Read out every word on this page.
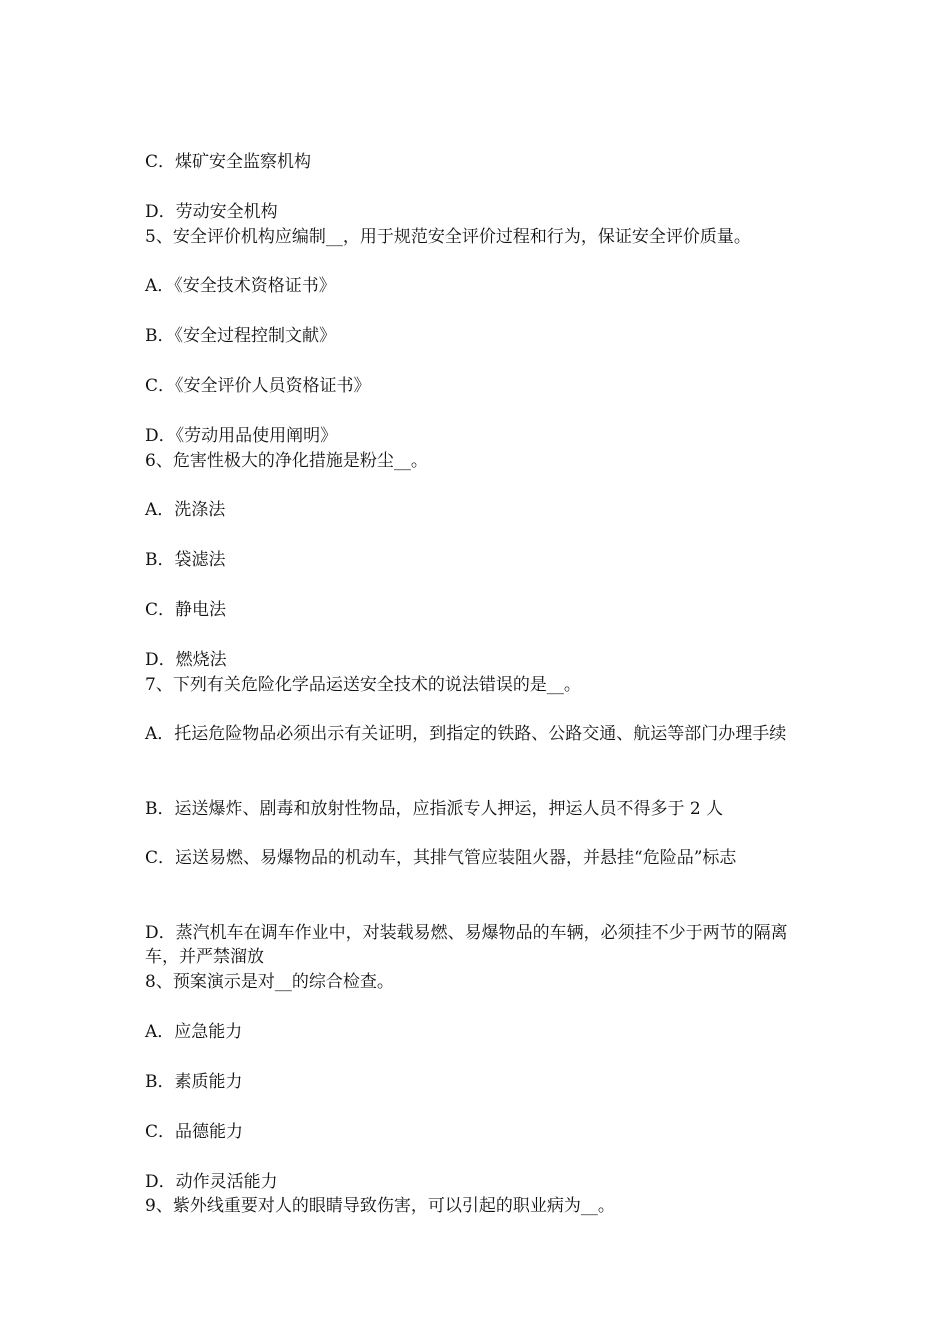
C．煤矿安全监察机构
D．劳动安全机构
5、安全评价机构应编制__，用于规范安全评价过程和行为，保证安全评价质量。
A．《安全技术资格证书》
B．《安全过程控制文献》
C．《安全评价人员资格证书》
D．《劳动用品使用阐明》
6、危害性极大的净化措施是粉尘__。
A．洗涤法
B．袋滤法
C．静电法
D．燃烧法
7、下列有关危险化学品运送安全技术的说法错误的是__。
A．托运危险物品必须出示有关证明，到指定的铁路、公路交通、航运等部门办理手续
B．运送爆炸、剧毒和放射性物品，应指派专人押运，押运人员不得多于 2 人
C．运送易燃、易爆物品的机动车，其排气管应装阻火器，并悬挂“危险品”标志
D．蒸汽机车在调车作业中，对装载易燃、易爆物品的车辆，必须挂不少于两节的隔离车，并严禁溜放
8、预案演示是对__的综合检查。
A．应急能力
B．素质能力
C．品德能力
D．动作灵活能力
9、紫外线重要对人的眼睛导致伤害，可以引起的职业病为__。
